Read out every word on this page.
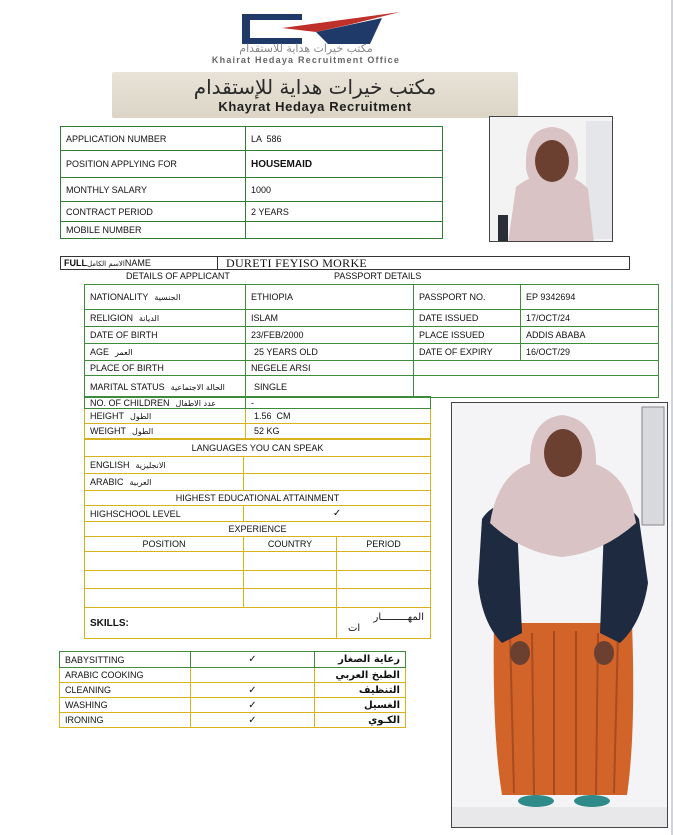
مكتب خيرات هداية للاستقدام
Khairat Hedaya Recruitment Office
مكتب خيرات هداية للإستقدام
Khayrat Hedaya Recruitment
APPLICATION NUMBER	LA  586
POSITION APPLYING FOR	HOUSEMAID
MONTHLY SALARY	1000
CONTRACT PERIOD	2 YEARS
MOBILE NUMBER	
FULLالاسم الكاملNAME	DURETI FEYISO MORKE
DETAILS OF APPLICANT	PASSPORT DETAILS
NATIONALITY الجنسية	ETHIOPIA	PASSPORT NO.	EP 9342694
RELIGION الديانة	ISLAM	DATE ISSUED	17/OCT/24
DATE OF BIRTH	23/FEB/2000	PLACE ISSUED	ADDIS ABABA
AGE العمر	25 YEARS OLD	DATE OF EXPIRY	16/OCT/29
PLACE OF BIRTH	NEGELE ARSI		
MARITAL STATUS الحالة الاجتماعية	SINGLE		
NO. OF CHILDREN عدد الاطفال	-
HEIGHT الطول	1.56  CM
WEIGHT الطول	52 KG
LANGUAGES YOU CAN SPEAK		
ENGLISH الانجليزية		
ARABIC العربية		
HIGHEST EDUCATIONAL ATTAINMENT		
HIGHSCHOOL LEVEL	✓	
EXPERIENCE		
POSITION	COUNTRY	PERIOD

SKILLS:	المهـــــــــار
ات
BABYSITTING	✓	رعاية الصغار
ARABIC COOKING		الطبخ العربي
CLEANING	✓	التنظيف
WASHING	✓	الغسيل
IRONING	✓	الكـوي
